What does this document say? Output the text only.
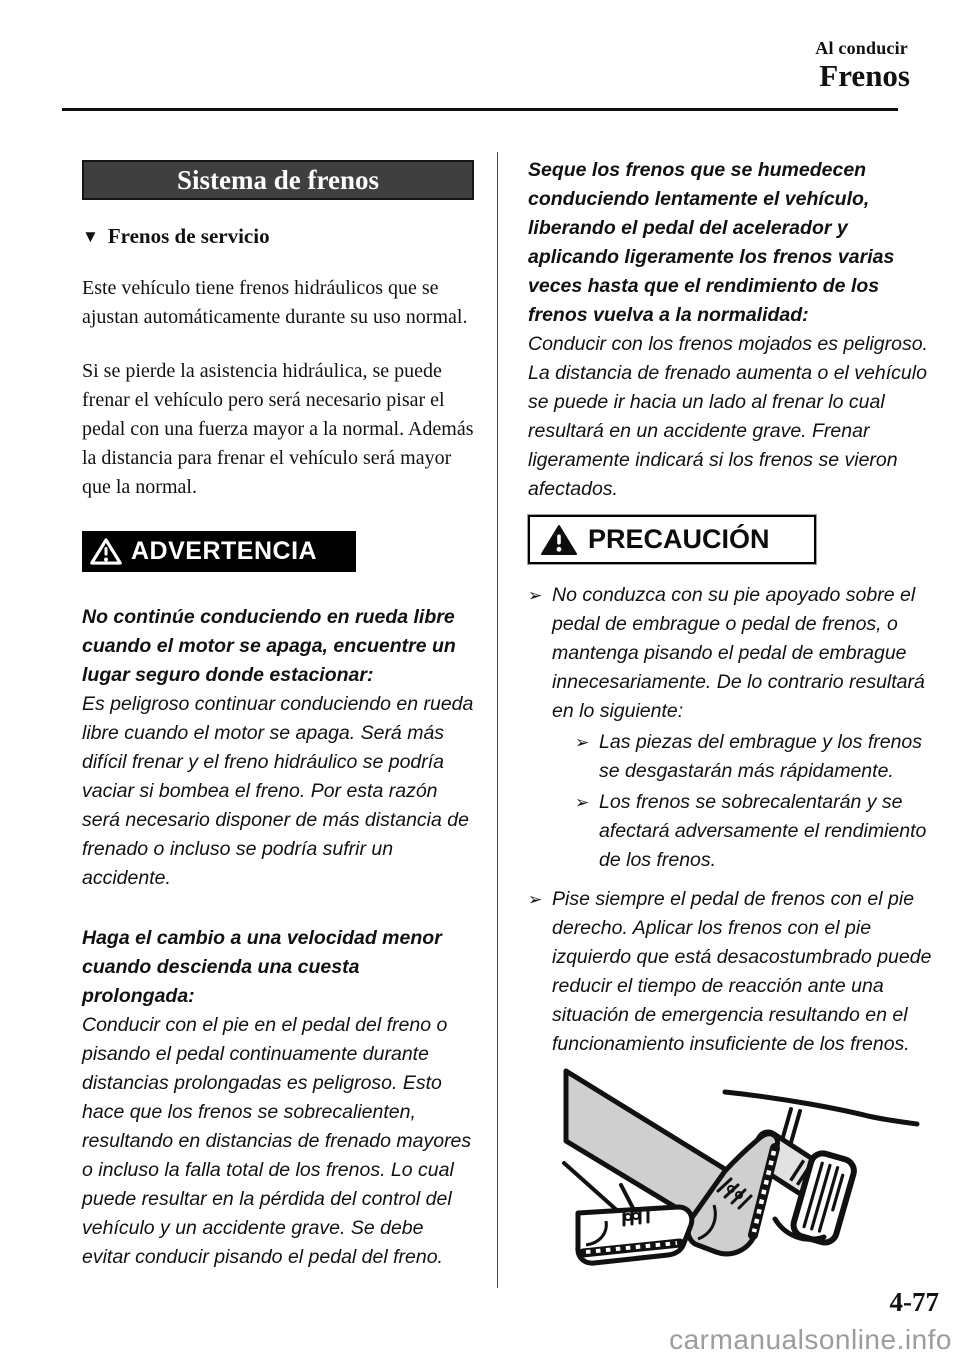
Al conducir
Frenos
Sistema de frenos
▼ Frenos de servicio
Este vehículo tiene frenos hidráulicos que se ajustan automáticamente durante su uso normal.
Si se pierde la asistencia hidráulica, se puede frenar el vehículo pero será necesario pisar el pedal con una fuerza mayor a la normal. Además la distancia para frenar el vehículo será mayor que la normal.
ADVERTENCIA
No continúe conduciendo en rueda libre cuando el motor se apaga, encuentre un lugar seguro donde estacionar:
Es peligroso continuar conduciendo en rueda libre cuando el motor se apaga. Será más difícil frenar y el freno hidráulico se podría vaciar si bombea el freno. Por esta razón será necesario disponer de más distancia de frenado o incluso se podría sufrir un accidente.
Haga el cambio a una velocidad menor cuando descienda una cuesta prolongada:
Conducir con el pie en el pedal del freno o pisando el pedal continuamente durante distancias prolongadas es peligroso. Esto hace que los frenos se sobrecalienten, resultando en distancias de frenado mayores o incluso la falla total de los frenos. Lo cual puede resultar en la pérdida del control del vehículo y un accidente grave. Se debe evitar conducir pisando el pedal del freno.
Seque los frenos que se humedecen conduciendo lentamente el vehículo, liberando el pedal del acelerador y aplicando ligeramente los frenos varias veces hasta que el rendimiento de los frenos vuelva a la normalidad:
Conducir con los frenos mojados es peligroso. La distancia de frenado aumenta o el vehículo se puede ir hacia un lado al frenar lo cual resultará en un accidente grave. Frenar ligeramente indicará si los frenos se vieron afectados.
PRECAUCIÓN
➢ No conduzca con su pie apoyado sobre el pedal de embrague o pedal de frenos, o mantenga pisando el pedal de embrague innecesariamente. De lo contrario resultará en lo siguiente:
➢ Las piezas del embrague y los frenos se desgastarán más rápidamente.
➢ Los frenos se sobrecalentarán y se afectará adversamente el rendimiento de los frenos.
➢ Pise siempre el pedal de frenos con el pie derecho. Aplicar los frenos con el pie izquierdo que está desacostumbrado puede reducir el tiempo de reacción ante una situación de emergencia resultando en el funcionamiento insuficiente de los frenos.
4-77
carmanualsonline.info
